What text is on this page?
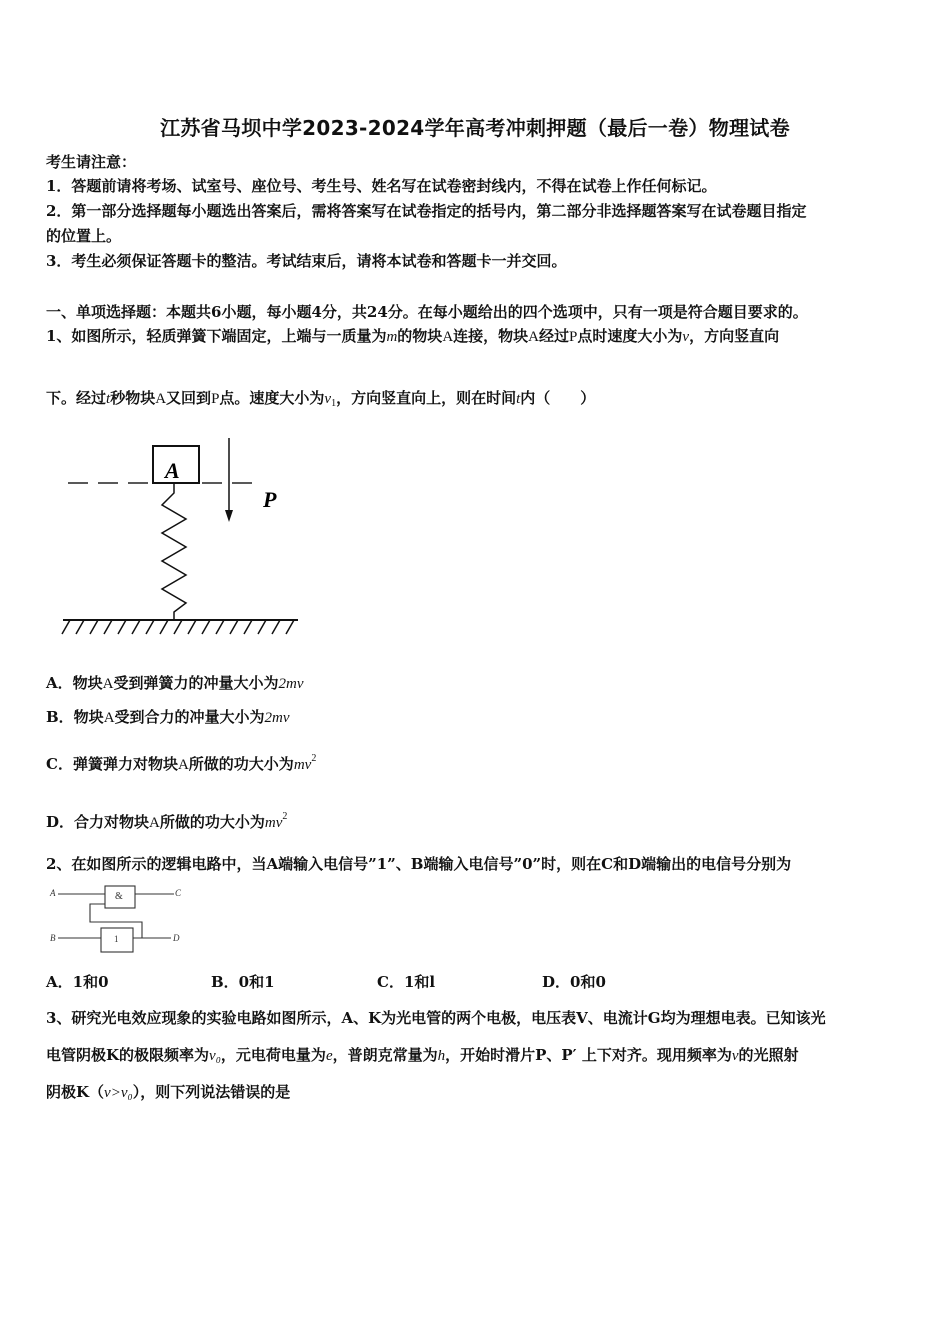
江苏省马坝中学2023-2024学年高考冲刺押题（最后一卷）物理试卷
考生请注意：
1．答题前请将考场、试室号、座位号、考生号、姓名写在试卷密封线内，不得在试卷上作任何标记。
2．第一部分选择题每小题选出答案后，需将答案写在试卷指定的括号内，第二部分非选择题答案写在试卷题目指定
的位置上。
3．考生必须保证答题卡的整洁。考试结束后，请将本试卷和答题卡一并交回。
一、单项选择题：本题共6小题，每小题4分，共24分。在每小题给出的四个选项中，只有一项是符合题目要求的。
1、如图所示，轻质弹簧下端固定，上端与一质量为m的物块A连接，物块A经过P点时速度大小为v，方向竖直向
下。经过t秒物块A又回到P点。速度大小为$v_1$，方向竖直向上，则在时间t内（　　）
A
P
A．物块A受到弹簧力的冲量大小为2mv
B．物块A受到合力的冲量大小为2mv
C．弹簧弹力对物块A所做的功大小为$mv^2$
D．合力对物块A所做的功大小为$mv^2$
2、在如图所示的逻辑电路中，当A端输入电信号”1”、B端输入电信号”0”时，则在C和D端输出的电信号分别为
A
B
C
D
&
1
A．1和0	B．0和1	C．1和l	D．0和0
3、研究光电效应现象的实验电路如图所示，A、K为光电管的两个电极，电压表V、电流计G均为理想电表。已知该光
电管阴极K的极限频率为v₀，元电荷电量为e，普朗克常量为h，开始时滑片P、P′ 上下对齐。现用频率为v的光照射
阴极K（v>v₀），则下列说法错误的是
